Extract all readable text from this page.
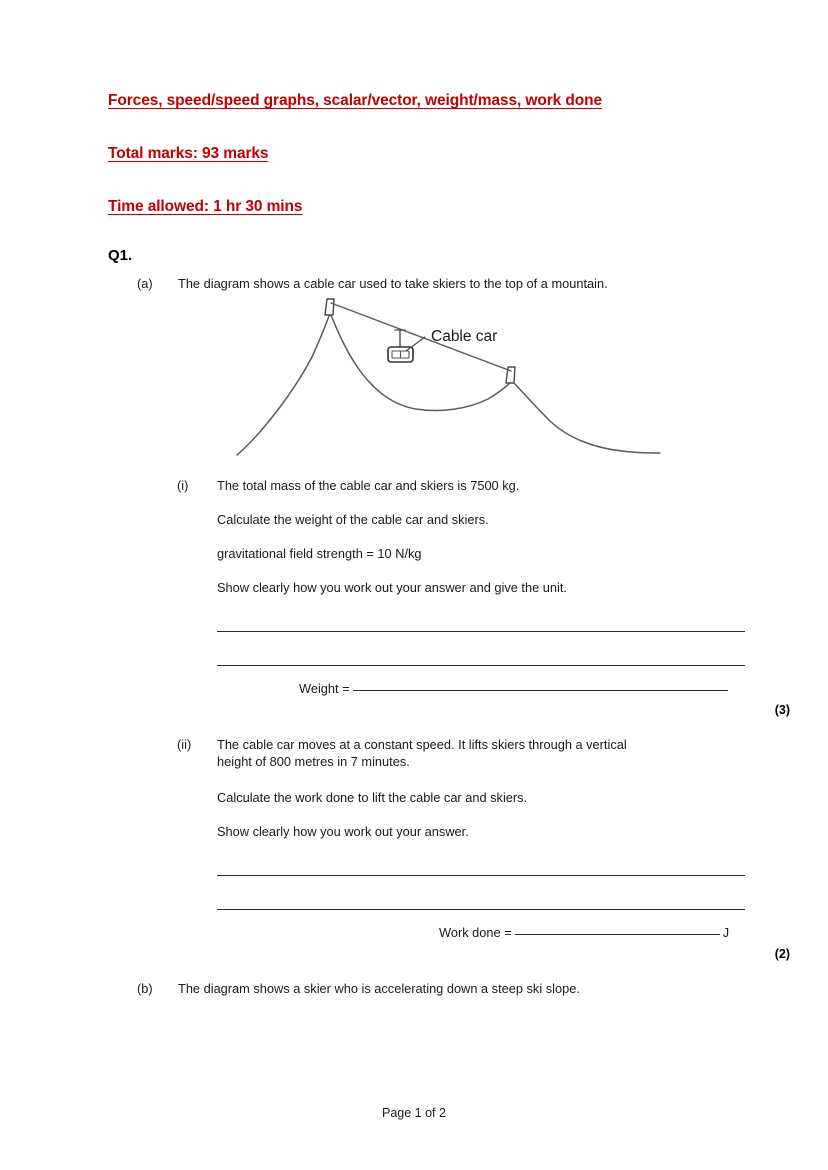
Forces, speed/speed graphs, scalar/vector, weight/mass, work done
Total marks: 93 marks
Time allowed: 1 hr 30 mins
Q1.
(a) The diagram shows a cable car used to take skiers to the top of a mountain.
Cable car
(i) The total mass of the cable car and skiers is 7500 kg.
Calculate the weight of the cable car and skiers.
gravitational field strength = 10 N/kg
Show clearly how you work out your answer and give the unit.
Weight =
(3)
(ii) The cable car moves at a constant speed. It lifts skiers through a vertical
height of 800 metres in 7 minutes.
Calculate the work done to lift the cable car and skiers.
Show clearly how you work out your answer.
Work done =	J
(2)
(b) The diagram shows a skier who is accelerating down a steep ski slope.
Page 1 of 2
